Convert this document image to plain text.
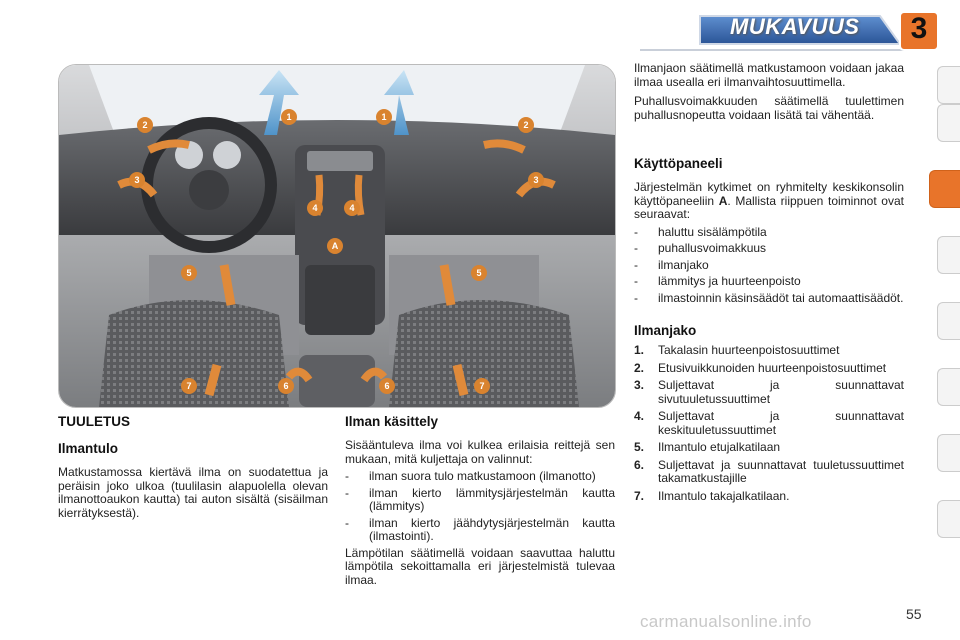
MUKAVUUS	3
1	1
2	2
3	3
4	4
A
5	5
6	6
7	7
TUULETUS
Ilmantulo

Matkustamossa kiertävä ilma on suodatettua ja peräisin joko ulkoa (tuulilasin alapuolella olevan ilmanottoaukon kautta) tai auton sisältä (sisäilman kierrätyksestä).

Ilman käsittely

Sisääntuleva ilma voi kulkea erilaisia reittejä sen mukaan, mitä kuljettaja on valinnut:

- ilman suora tulo matkustamoon (ilmanotto)
- ilman kierto lämmitysjärjestelmän kautta (lämmitys)
- ilman kierto jäähdytysjärjestelmän kautta (ilmastointi).

Lämpötilan säätimellä voidaan saavuttaa haluttu lämpötila sekoittamalla eri järjestelmistä tulevaa ilmaa.

Ilmanjaon säätimellä matkustamoon voidaan jakaa ilmaa usealla eri ilmanvaihtosuuttimella.

Puhallusvoimakkuuden säätimellä tuulettimen puhallusnopeutta voidaan lisätä tai vähentää.

Käyttöpaneeli

Järjestelmän kytkimet on ryhmitelty keskikonsolin käyttöpaneeliin A. Mallista riippuen toiminnot ovat seuraavat:

- haluttu sisälämpötila
- puhallusvoimakkuus
- ilmanjako
- lämmitys ja huurteenpoisto
- ilmastoinnin käsinsäädöt tai automaattisäädöt.
Ilmanjako
1. Takalasin huurteenpoistosuuttimet
2. Etusivuikkunoiden huurteenpoistosuuttimet
3. Suljettavat ja suunnattavat sivutuuletussuuttimet
4. Suljettavat ja suunnattavat keskituuletussuuttimet
5. Ilmantulo etujalkatilaan
6. Suljettavat ja suunnattavat tuuletussuuttimet takamatkustajille
7. Ilmantulo takajalkatilaan.
carmanualsonline.info	55
